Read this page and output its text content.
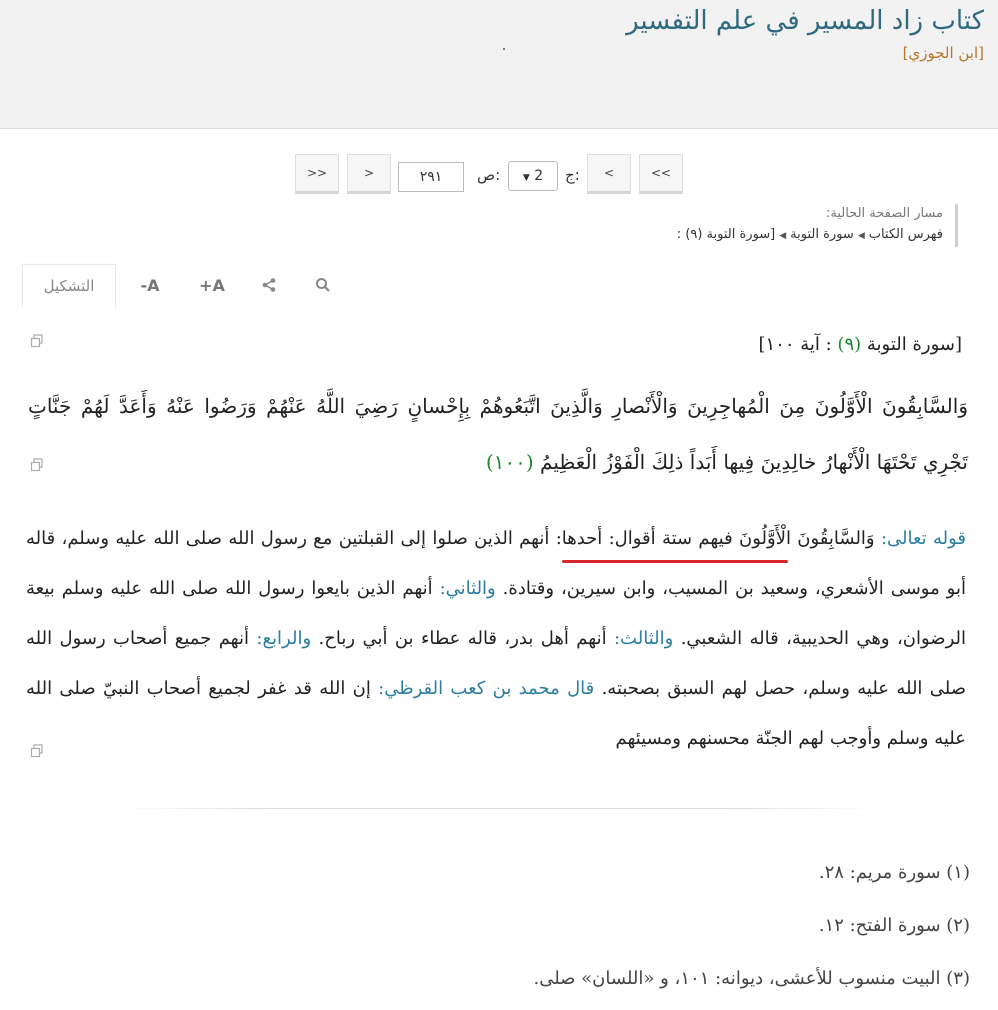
كتاب زاد المسير في علم التفسير
[ابن الجوزي]
>>	>	٢٩١	ص:	▼ 2	ج:	<	<<
مسار الصفحة الحالية:
فهرس الكتاب◀سورة التوبة◀[سورة التوبة (٩) :
التشكيل	-A	+A
[سورة التوبة (٩) : آية ١٠٠]
وَالسَّابِقُونَ الْأَوَّلُونَ مِنَ الْمُهاجِرِينَ وَالْأَنْصارِ وَالَّذِينَ اتَّبَعُوهُمْ بِإِحْسانٍ رَضِيَ اللَّهُ عَنْهُمْ وَرَضُوا عَنْهُ وَأَعَدَّ لَهُمْ جَنَّاتٍ تَجْرِي تَحْتَهَا الْأَنْهارُ خالِدِينَ فِيها أَبَداً ذلِكَ الْفَوْزُ الْعَظِيمُ (١٠٠)
قوله تعالى: وَالسَّابِقُونَ الْأَوَّلُونَ فيهم ستة أقوال: أحدها: أنهم الذين صلوا إلى القبلتين مع رسول الله صلى الله عليه وسلم، قاله أبو موسى الأشعري، وسعيد بن المسيب، وابن سيرين، وقتادة. والثاني: أنهم الذين بايعوا رسول الله صلى الله عليه وسلم بيعة الرضوان، وهي الحديبية، قاله الشعبي. والثالث: أنهم أهل بدر، قاله عطاء بن أبي رباح. والرابع: أنهم جميع أصحاب رسول الله صلى الله عليه وسلم، حصل لهم السبق بصحبته. قال محمد بن كعب القرظي: إن الله قد غفر لجميع أصحاب النبيّ صلى الله عليه وسلم وأوجب لهم الجنّة محسنهم ومسيئهم
(١) سورة مريم: ٢٨.
(٢) سورة الفتح: ١٢.
(٣) البيت منسوب للأعشى، ديوانه: ١٠١، و «اللسان» صلى.
